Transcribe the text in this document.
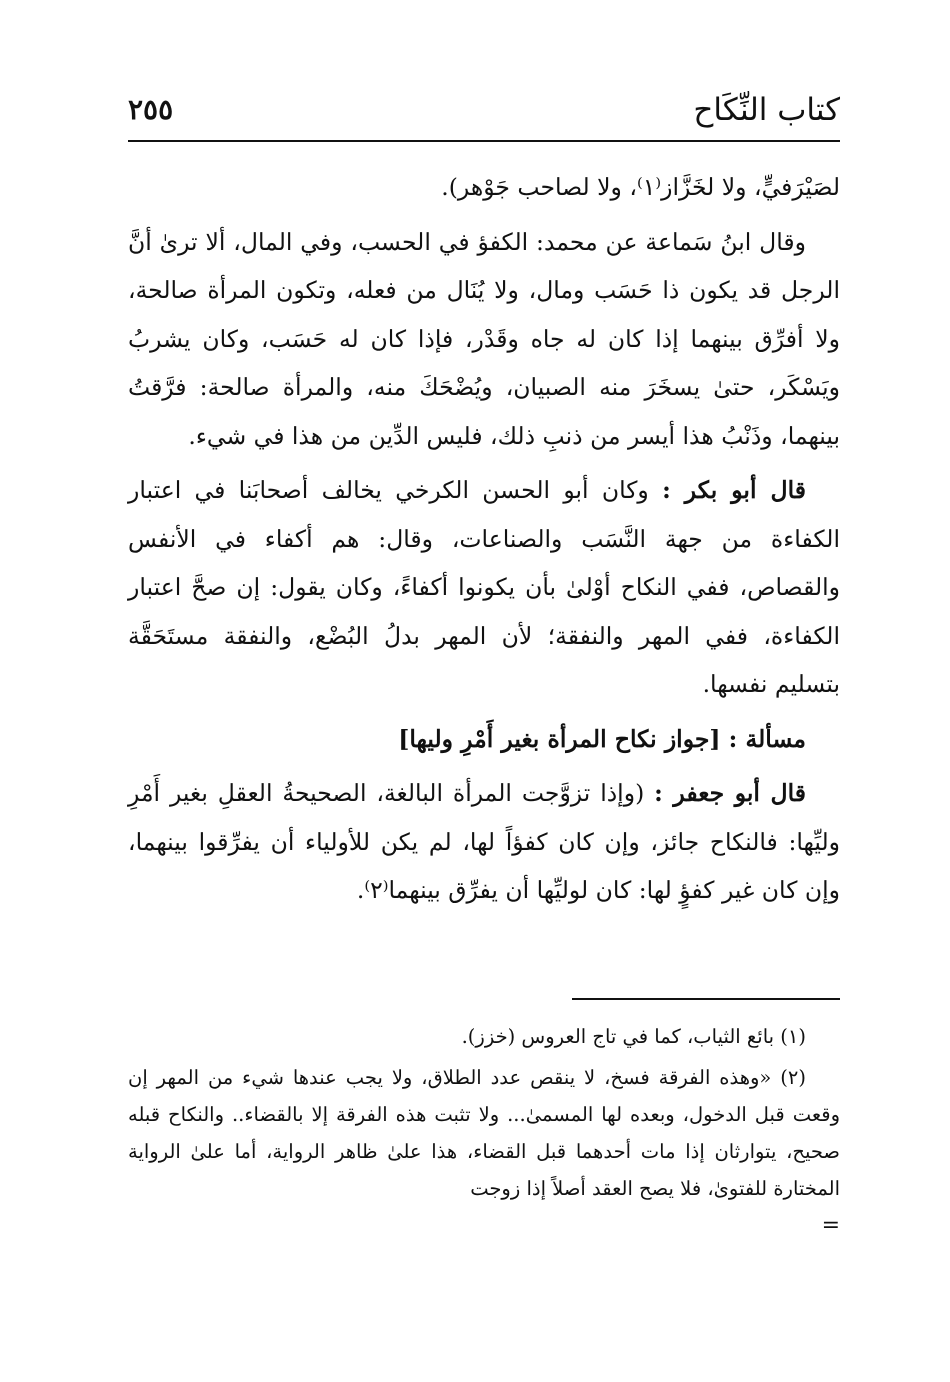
كتاب النِّكَاح
٢٥٥

لصَيْرَفيٍّ، ولا لخَزَّاز⁽١⁾، ولا لصاحب جَوْهر).

وقال ابنُ سَماعة عن محمد: الكفؤ في الحسب، وفي المال، ألا ترىٰ أنَّ الرجل قد يكون ذا حَسَب ومال، ولا يُنَال من فعله، وتكون المرأة صالحة، ولا أفرِّق بينهما إذا كان له جاه وقَدْر، فإذا كان له حَسَب، وكان يشربُ ويَسْكَر، حتىٰ يسخَرَ منه الصبيان، ويُضْحَكَ منه، والمرأة صالحة: فرَّقتُ بينهما، وذَنْبُ هذا أيسر من ذنبِ ذلك، فليس الدِّين من هذا في شيء.

قال أبو بكر : وكان أبو الحسن الكرخي يخالف أصحابَنا في اعتبار الكفاءة من جهة النَّسَب والصناعات، وقال: هم أكفاء في الأنفس والقصاص، ففي النكاح أوْلىٰ بأن يكونوا أكفاءً، وكان يقول: إن صحَّ اعتبار الكفاءة، ففي المهر والنفقة؛ لأن المهر بدلُ البُضْع، والنفقة مستَحَقَّة بتسليم نفسها.

مسألة : [جواز نكاح المرأة بغير أَمْرِ وليها]

قال أبو جعفر : (وإذا تزوَّجت المرأة البالغة، الصحيحةُ العقلِ بغير أَمْرِ وليِّها: فالنكاح جائز، وإن كان كفؤاً لها، لم يكن للأولياء أن يفرِّقوا بينهما، وإن كان غير كفؤٍ لها: كان لوليِّها أن يفرِّق بينهما⁽٢⁾.

(١) بائع الثياب، كما في تاج العروس (خزز).

(٢) «وهذه الفرقة فسخ، لا ينقص عدد الطلاق، ولا يجب عندها شيء من المهر إن وقعت قبل الدخول، وبعده لها المسمىٰ... ولا تثبت هذه الفرقة إلا بالقضاء.. والنكاح قبله صحيح، يتوارثان إذا مات أحدهما قبل القضاء، هذا علىٰ ظاهر الرواية، أما علىٰ الرواية المختارة للفتوىٰ، فلا يصح العقد أصلاً إذا زوجت

=
